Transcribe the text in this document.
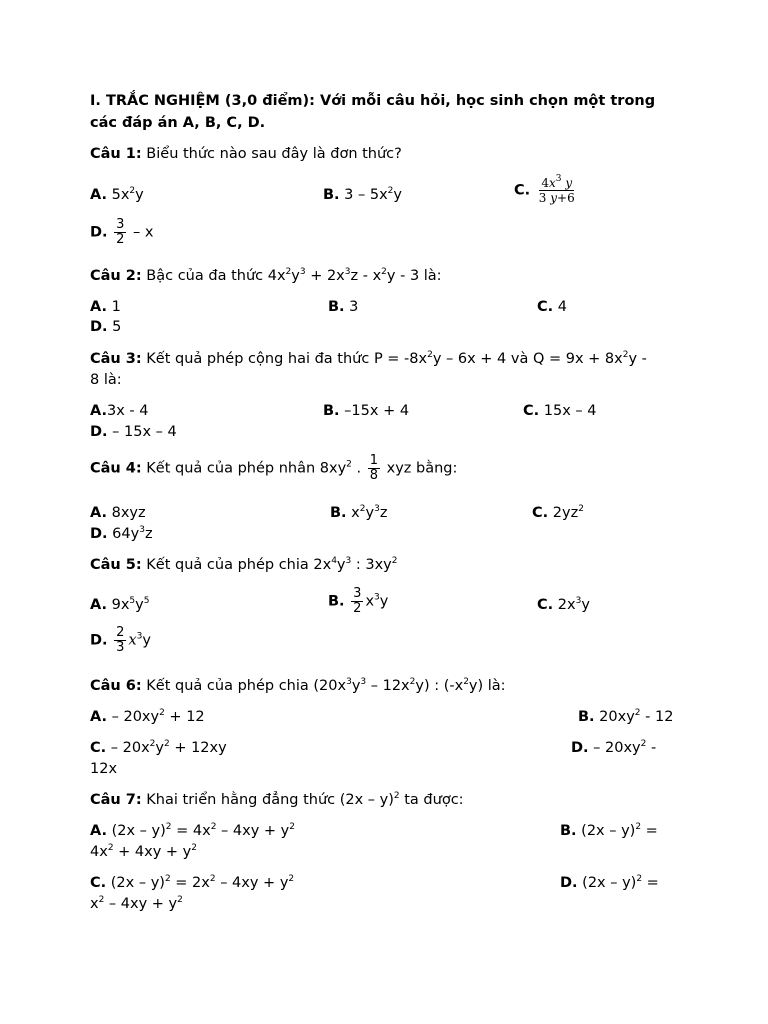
I. TRẮC NGHIỆM (3,0 điểm): Với mỗi câu hỏi, học sinh chọn một trong
các đáp án A, B, C, D.
Câu 1: Biểu thức nào sau đây là đơn thức?
A. $5x^2y$	B. $3 - 5x^2y$	C. $\frac{4x^3 y}{3 y+6}$
D. $\frac{3}{2}$ – x
Câu 2: Bậc của đa thức $4x^2y^3 + 2x^3z - x^2y - 3$ là:
A. 1	B. 3	C. 4
D. 5
Câu 3: Kết quả phép cộng hai đa thức $P = -8x^2y - 6x + 4$ và $Q = 9x + 8x^2y$ -
8 là:
A.3x - 4	B. –15x + 4	C. 15x – 4
D. – 15x – 4
Câu 4: Kết quả của phép nhân $8xy^2$ . $\frac{1}{8}$ xyz bằng:
A. 8xyz	B. $x^2y^3z$	C. $2yz^2$
D. $64y^3z$
Câu 5: Kết quả của phép chia $2x^4y^3$ : $3xy^2$
A. $9x^5y^5$	B. $\frac{3}{2} x^3y$	C. $2x^3y$
D. $\frac{2}{3} x^3y$
Câu 6: Kết quả của phép chia $(20x^3y^3 - 12x^2y)$ : $(-x^2y)$ là:
A. – $20xy^2 + 12$	B. $20xy^2 - 12$
C. – $20x^2y^2 + 12xy$	D. – $20xy^2$ -
12x
Câu 7: Khai triển hằng đẳng thức (2x – y)$^2$ ta được:
A. $(2x - y)^2 = 4x^2 - 4xy + y^2$	B. (2x – y)$^2$ =
$4x^2 + 4xy + y^2$
C. $(2x - y)^2 = 2x^2 - 4xy + y^2$	D. (2x – y)$^2$ =
$x^2 - 4xy + y^2$
